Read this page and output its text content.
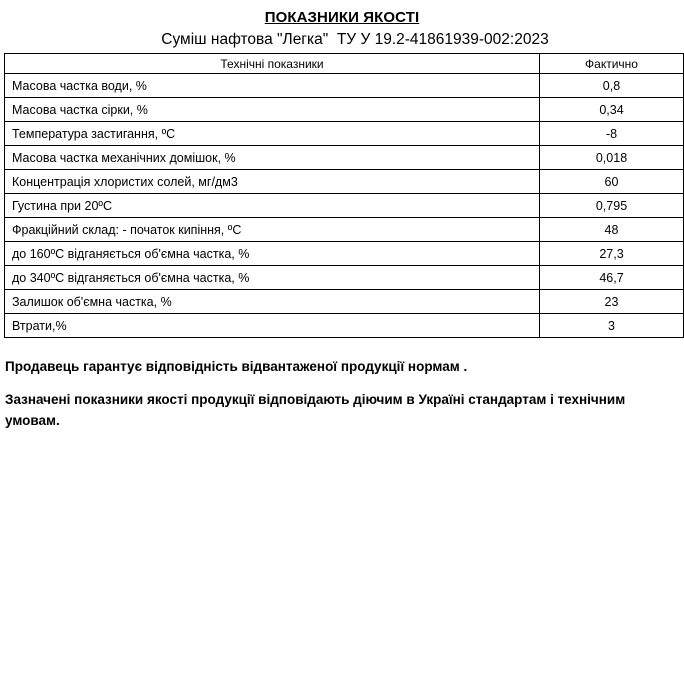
ПОКАЗНИКИ ЯКОСТІ
Суміш нафтова "Легка"  ТУ У 19.2-41861939-002:2023
Технічні показники	Фактично
Масова частка води, %	0,8
Масова частка сірки, %	0,34
Температура застигання, ºС	-8
Масова частка механічних домішок, %	0,018
Концентрація хлористих солей, мг/дм3	60
Густина при 20ºС	0,795
Фракційний склад: - початок кипіння, ºС	48
до 160ºС відганяється об'ємна частка, %	27,3
до 340ºС відганяється об'ємна частка, %	46,7
Залишок об'ємна частка, %	23
Втрати,%	3
Продавець гарантує відповідність відвантаженої продукції нормам .
Зазначені показники якості продукції відповідають діючим в Україні стандартам і технічним умовам.
